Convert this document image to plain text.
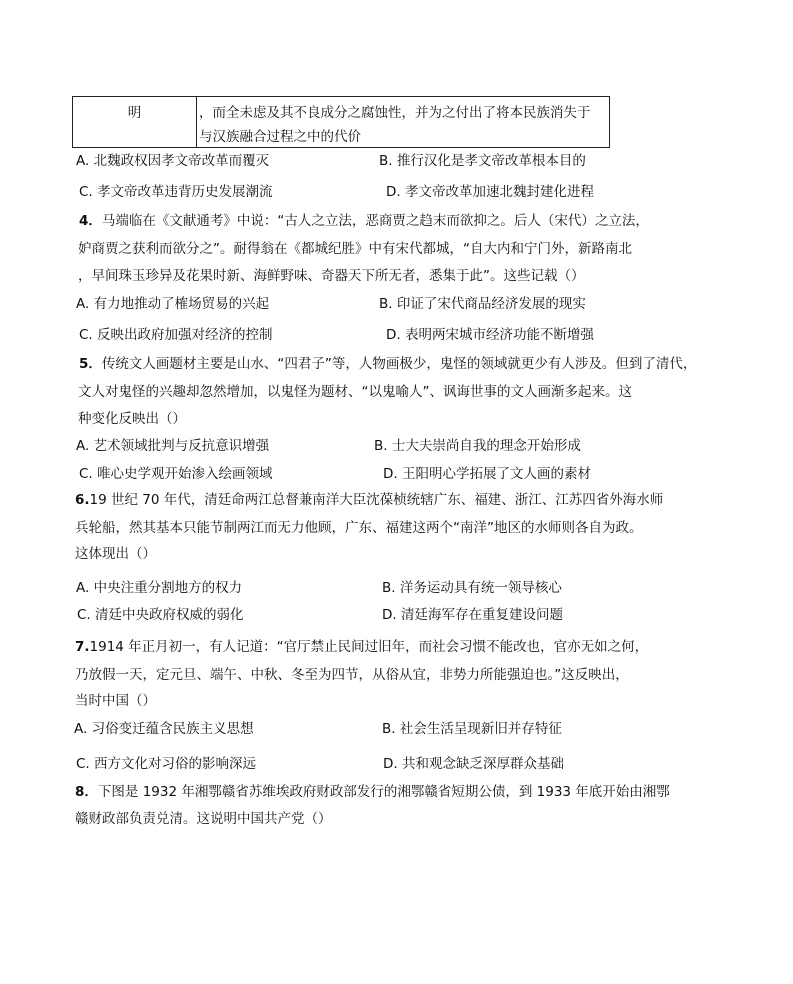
明	，而全未虑及其不良成分之腐蚀性，并为之付出了将本民族消失于
与汉族融合过程之中的代价
A. 北魏政权因孝文帝改革而覆灭	B. 推行汉化是孝文帝改革根本目的
C. 孝文帝改革违背历史发展潮流	D. 孝文帝改革加速北魏封建化进程
4．马端临在《文献通考》中说：“古人之立法，恶商贾之趋末而欲抑之。后人（宋代）之立法，
妒商贾之获利而欲分之”。耐得翁在《都城纪胜》中有宋代都城，“自大内和宁门外，新路南北
，早间珠玉珍异及花果时新、海鲜野味、奇器天下所无者，悉集于此”。这些记载（）
A. 有力地推动了榷场贸易的兴起	B. 印证了宋代商品经济发展的现实
C. 反映出政府加强对经济的控制	D. 表明两宋城市经济功能不断增强
5．传统文人画题材主要是山水、“四君子”等，人物画极少，鬼怪的领域就更少有人涉及。但到了清代，
文人对鬼怪的兴趣却忽然增加，以鬼怪为题材、“以鬼喻人”、讽诲世事的文人画渐多起来。这
种变化反映出（）
A. 艺术领域批判与反抗意识增强	B. 士大夫崇尚自我的理念开始形成
C. 唯心史学观开始渗入绘画领域	D. 王阳明心学拓展了文人画的素材
6.19 世纪 70 年代，清廷命两江总督兼南洋大臣沈葆桢统辖广东、福建、浙江、江苏四省外海水师
兵轮船，然其基本只能节制两江而无力他顾，广东、福建这两个“南洋”地区的水师则各自为政。
这体现出（）
A. 中央注重分割地方的权力	B. 洋务运动具有统一领导核心
C. 清廷中央政府权威的弱化	D. 清廷海军存在重复建设问题
7.1914 年正月初一，有人记道：“官厅禁止民间过旧年，而社会习惯不能改也，官亦无如之何，
乃放假一天，定元旦、端午、中秋、冬至为四节，从俗从宜，非势力所能强迫也。”这反映出，
当时中国（）
A. 习俗变迁蕴含民族主义思想	B. 社会生活呈现新旧并存特征
C. 西方文化对习俗的影响深远	D. 共和观念缺乏深厚群众基础
8．下图是 1932 年湘鄂赣省苏维埃政府财政部发行的湘鄂赣省短期公债，到 1933 年底开始由湘鄂
赣财政部负责兑清。这说明中国共产党（）
